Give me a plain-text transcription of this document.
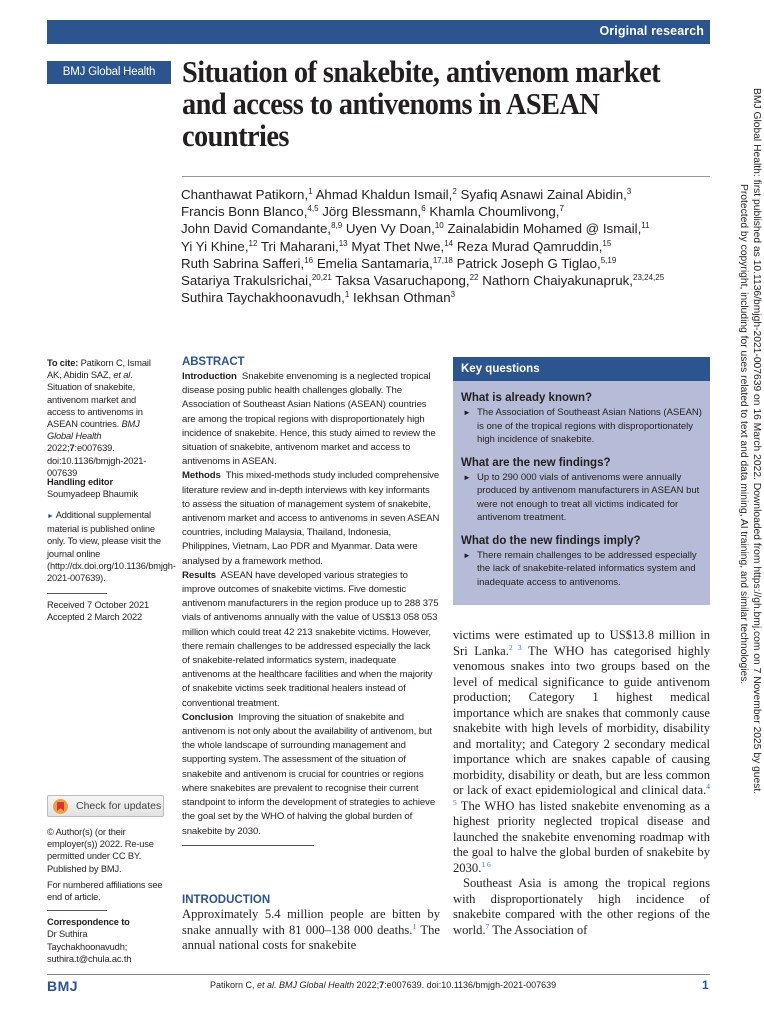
Original research
BMJ Global Health Situation of snakebite, antivenom market and access to antivenoms in ASEAN countries
Chanthawat Patikorn,$^1$ Ahmad Khaldun Ismail,$^2$ Syafiq Asnawi Zainal Abidin,$^3$
Francis Bonn Blanco,$^{4,5}$ Jörg Blessmann,$^6$ Khamla Choumlivong,$^7$
John David Comandante,$^{8,9}$ Uyen Vy Doan,$^{10}$ Zainalabidin Mohamed @ Ismail,$^{11}$
Yi Yi Khine,$^{12}$ Tri Maharani,$^{13}$ Myat Thet Nwe,$^{14}$ Reza Murad Qamruddin,$^{15}$
Ruth Sabrina Safferi,$^{16}$ Emelia Santamaria,$^{17,18}$ Patrick Joseph G Tiglao,$^{5,19}$
Satariya Trakulsrichai,$^{20,21}$ Taksa Vasaruchapong,$^{22}$ Nathorn Chaiyakunapruk,$^{23,24,25}$
Suthira Taychakhoonavudh,$^1$ Iekhsan Othman$^3$
To cite: Patikorn C, Ismail AK, Abidin SAZ, et al. Situation of snakebite, antivenom market and access to antivenoms in ASEAN countries. BMJ Global Health 2022;7:e007639. doi:10.1136/bmjgh-2021-007639
Handling editor Soumyadeep Bhaumik
► Additional supplemental material is published online only. To view, please visit the journal online (http://dx.doi.org/10.1136/bmjgh-2021-007639).
Received 7 October 2021
Accepted 2 March 2022
Check for updates
© Author(s) (or their employer(s)) 2022. Re-use permitted under CC BY. Published by BMJ.
For numbered affiliations see end of article.
Correspondence to
Dr Suthira Taychakhoonavudh; suthira.t@chula.ac.th
ABSTRACT
Introduction Snakebite envenoming is a neglected tropical disease posing public health challenges globally. The Association of Southeast Asian Nations (ASEAN) countries are among the tropical regions with disproportionately high incidence of snakebite. Hence, this study aimed to review the situation of snakebite, antivenom market and access to antivenoms in ASEAN.
Methods This mixed-methods study included comprehensive literature review and in-depth interviews with key informants to assess the situation of management system of snakebite, antivenom market and access to antivenoms in seven ASEAN countries, including Malaysia, Thailand, Indonesia, Philippines, Vietnam, Lao PDR and Myanmar. Data were analysed by a framework method.
Results ASEAN have developed various strategies to improve outcomes of snakebite victims. Five domestic antivenom manufacturers in the region produce up to 288 375 vials of antivenoms annually with the value of US$13 058 053 million which could treat 42 213 snakebite victims. However, there remain challenges to be addressed especially the lack of snakebite-related informatics system, inadequate antivenoms at the healthcare facilities and when the majority of snakebite victims seek traditional healers instead of conventional treatment.
Conclusion Improving the situation of snakebite and antivenom is not only about the availability of antivenom, but the whole landscape of surrounding management and supporting system. The assessment of the situation of snakebite and antivenom is crucial for countries or regions where snakebites are prevalent to recognise their current standpoint to inform the development of strategies to achieve the goal set by the WHO of halving the global burden of snakebite by 2030.
INTRODUCTION
Approximately 5.4 million people are bitten by snake annually with 81 000–138 000 deaths.$^1$ The annual national costs for snakebite
Key questions
What is already known?
► The Association of Southeast Asian Nations (ASEAN) is one of the tropical regions with disproportionately high incidence of snakebite.
What are the new findings?
► Up to 290 000 vials of antivenoms were annually produced by antivenom manufacturers in ASEAN but were not enough to treat all victims indicated for antivenom treatment.
What do the new findings imply?
► There remain challenges to be addressed especially the lack of snakebite-related informatics system and inadequate access to antivenoms.
victims were estimated up to US$13.8 million in Sri Lanka.$^{2 3}$ The WHO has categorised highly venomous snakes into two groups based on the level of medical significance to guide antivenom production; Category 1 highest medical importance which are snakes that commonly cause snakebite with high levels of morbidity, disability and mortality; and Category 2 secondary medical importance which are snakes capable of causing morbidity, disability or death, but are less common or lack of exact epidemiological and clinical data.$^{4 5}$ The WHO has listed snakebite envenoming as a highest priority neglected tropical disease and launched the snakebite envenoming roadmap with the goal to halve the global burden of snakebite by 2030.$^{1 6}$
Southeast Asia is among the tropical regions with disproportionately high incidence of snakebite compared with the other regions of the world.$^7$ The Association of
BMJ Global Health: first published as 10.1136/bmjgh-2021-007639 on 16 March 2022. Downloaded from https://gh.bmj.com on 7 November 2025 by guest.
Protected by copyright, including for uses related to text and data mining, AI training, and similar technologies.
BMJ	Patikorn C, et al. BMJ Global Health 2022;7:e007639. doi:10.1136/bmjgh-2021-007639	1
